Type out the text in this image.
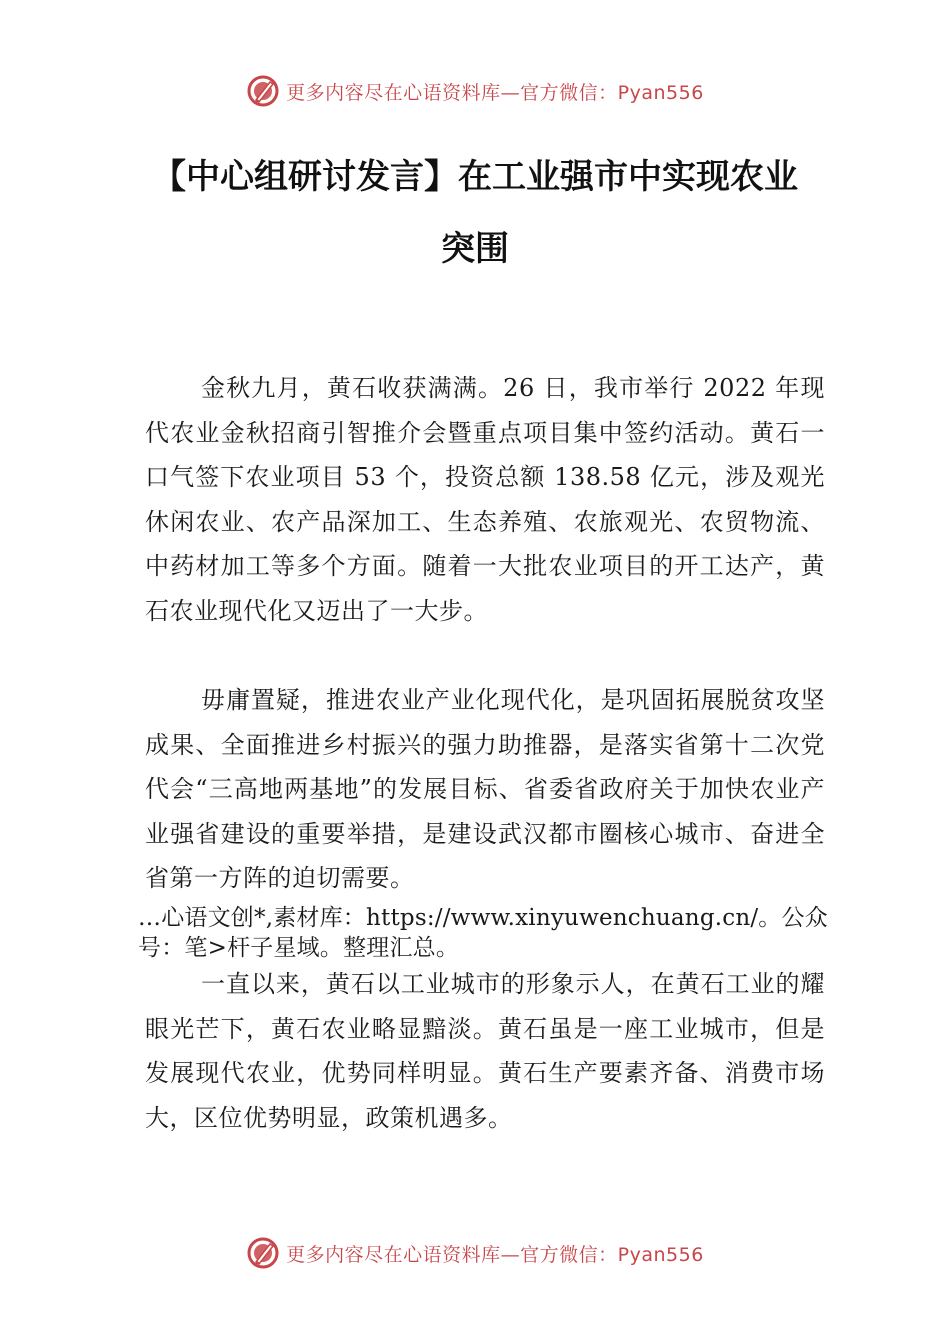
更多内容尽在心语资料库—官方微信：Pyan556
【中心组研讨发言】在工业强市中实现农业
突围

金秋九月，黄石收获满满。26 日，我市举行 2022 年现代农业金秋招商引智推介会暨重点项目集中签约活动。黄石一口气签下农业项目 53 个，投资总额 138.58 亿元，涉及观光休闲农业、农产品深加工、生态养殖、农旅观光、农贸物流、中药材加工等多个方面。随着一大批农业项目的开工达产，黄石农业现代化又迈出了一大步。

毋庸置疑，推进农业产业化现代化，是巩固拓展脱贫攻坚成果、全面推进乡村振兴的强力助推器，是落实省第十二次党代会“三高地两基地”的发展目标、省委省政府关于加快农业产业强省建设的重要举措，是建设武汉都市圈核心城市、奋进全省第一方阵的迫切需要。

…心语文创*,素材库：https://www.xinyuwenchuang.cn/。公众号：笔>杆子星域。整理汇总。

一直以来，黄石以工业城市的形象示人，在黄石工业的耀眼光芒下，黄石农业略显黯淡。黄石虽是一座工业城市，但是发展现代农业，优势同样明显。黄石生产要素齐备、消费市场大，区位优势明显，政策机遇多。

更多内容尽在心语资料库—官方微信：Pyan556
